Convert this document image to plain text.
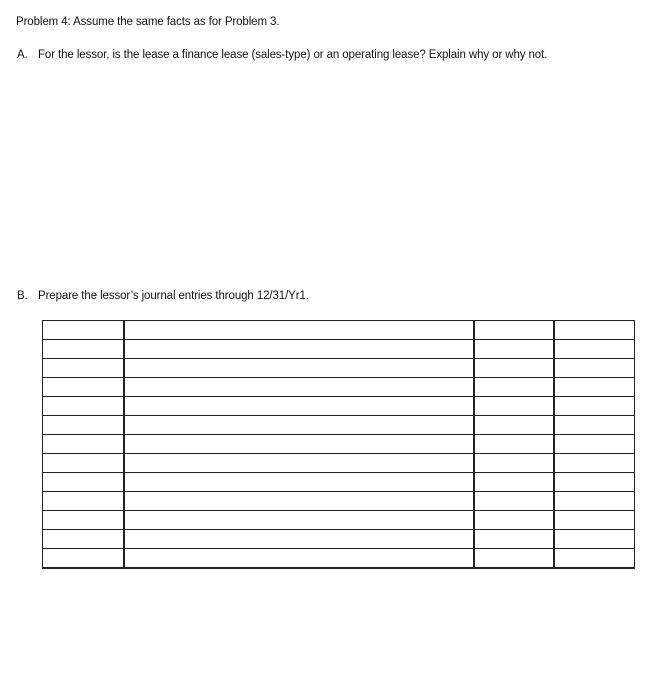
Problem 4: Assume the same facts as for Problem 3.
A. For the lessor, is the lease a finance lease (sales-type) or an operating lease? Explain why or why not.
B. Prepare the lessor’s journal entries through 12/31/Yr1.
